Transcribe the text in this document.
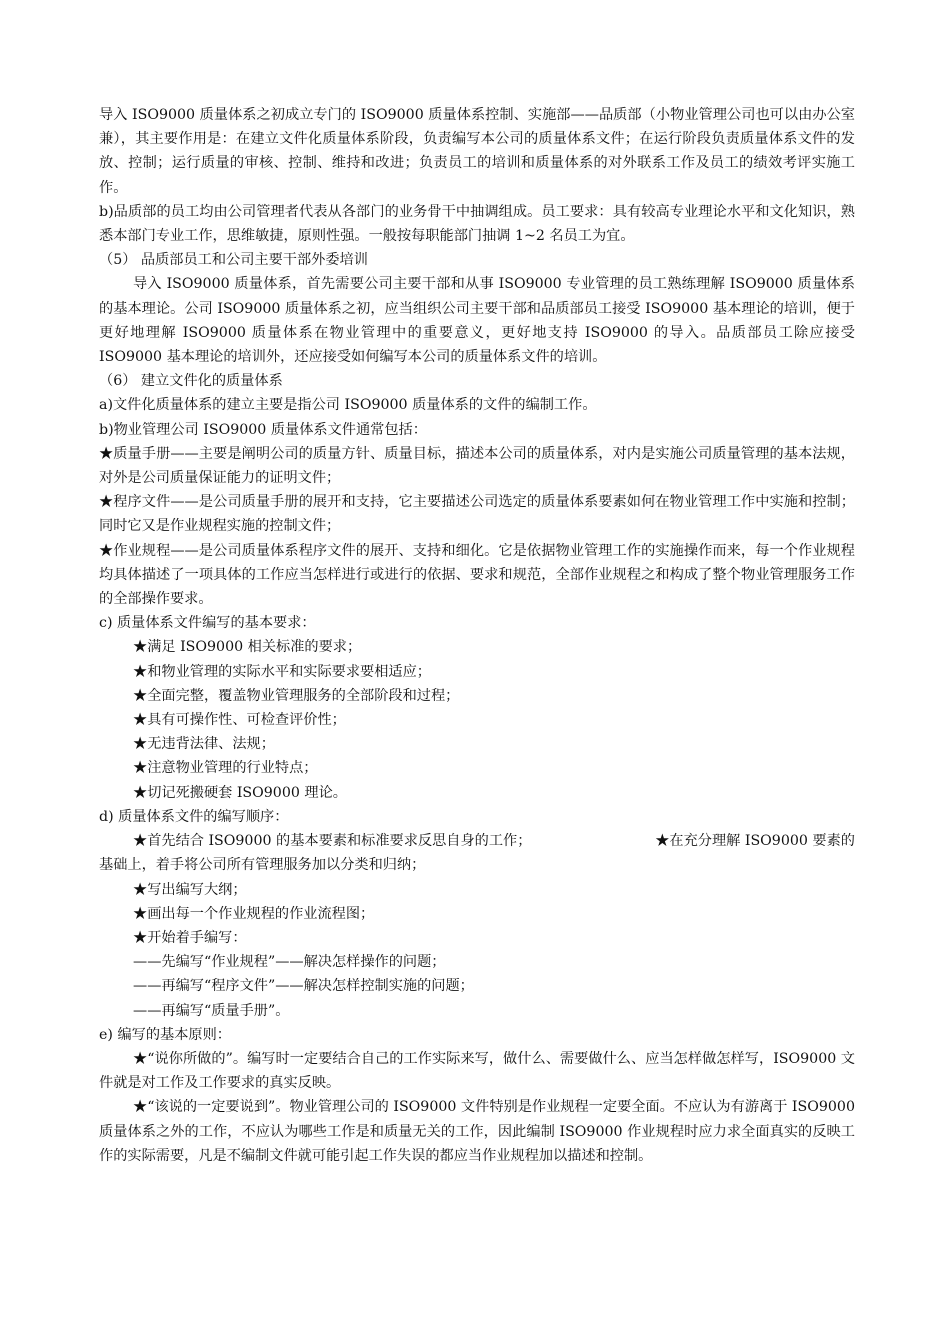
导入 ISO9000 质量体系之初成立专门的 ISO9000 质量体系控制、实施部——品质部（小物业管理公司也可以由办公室兼），其主要作用是：在建立文件化质量体系阶段，负责编写本公司的质量体系文件；在运行阶段负责质量体系文件的发放、控制；运行质量的审核、控制、维持和改进；负责员工的培训和质量体系的对外联系工作及员工的绩效考评实施工作。

b)品质部的员工均由公司管理者代表从各部门的业务骨干中抽调组成。员工要求：具有较高专业理论水平和文化知识，熟悉本部门专业工作，思维敏捷，原则性强。一般按每职能部门抽调 1~2 名员工为宜。

（5） 品质部员工和公司主要干部外委培训

导入 ISO9000 质量体系，首先需要公司主要干部和从事 ISO9000 专业管理的员工熟练理解 ISO9000 质量体系的基本理论。公司 ISO9000 质量体系之初，应当组织公司主要干部和品质部员工接受 ISO9000 基本理论的培训，便于更好地理解 ISO9000 质量体系在物业管理中的重要意义，更好地支持 ISO9000 的导入。品质部员工除应接受 ISO9000 基本理论的培训外，还应接受如何编写本公司的质量体系文件的培训。

（6） 建立文件化的质量体系

a)文件化质量体系的建立主要是指公司 ISO9000 质量体系的文件的编制工作。

b)物业管理公司 ISO9000 质量体系文件通常包括：

★质量手册——主要是阐明公司的质量方针、质量目标，描述本公司的质量体系，对内是实施公司质量管理的基本法规，对外是公司质量保证能力的证明文件；

★程序文件——是公司质量手册的展开和支持，它主要描述公司选定的质量体系要素如何在物业管理工作中实施和控制；同时它又是作业规程实施的控制文件；

★作业规程——是公司质量体系程序文件的展开、支持和细化。它是依据物业管理工作的实施操作而来，每一个作业规程均具体描述了一项具体的工作应当怎样进行或进行的依据、要求和规范，全部作业规程之和构成了整个物业管理服务工作的全部操作要求。

c) 质量体系文件编写的基本要求：

★满足 ISO9000 相关标准的要求；

★和物业管理的实际水平和实际要求要相适应；

★全面完整，覆盖物业管理服务的全部阶段和过程；

★具有可操作性、可检查评价性；

★无违背法律、法规；

★注意物业管理的行业特点；

★切记死搬硬套 ISO9000 理论。

d) 质量体系文件的编写顺序：

★首先结合 ISO9000 的基本要素和标准要求反思自身的工作；	★在充分理解 ISO9000 要素的

基础上，着手将公司所有管理服务加以分类和归纳；

★写出编写大纲；

★画出每一个作业规程的作业流程图；

★开始着手编写：

——先编写“作业规程”——解决怎样操作的问题；

——再编写“程序文件”——解决怎样控制实施的问题；

——再编写“质量手册”。

e) 编写的基本原则：

★“说你所做的”。编写时一定要结合自己的工作实际来写，做什么、需要做什么、应当怎样做怎样写，ISO9000 文件就是对工作及工作要求的真实反映。

★“该说的一定要说到”。物业管理公司的 ISO9000 文件特别是作业规程一定要全面。不应认为有游离于 ISO9000 质量体系之外的工作，不应认为哪些工作是和质量无关的工作，因此编制 ISO9000 作业规程时应力求全面真实的反映工作的实际需要，凡是不编制文件就可能引起工作失误的都应当作业规程加以描述和控制。
